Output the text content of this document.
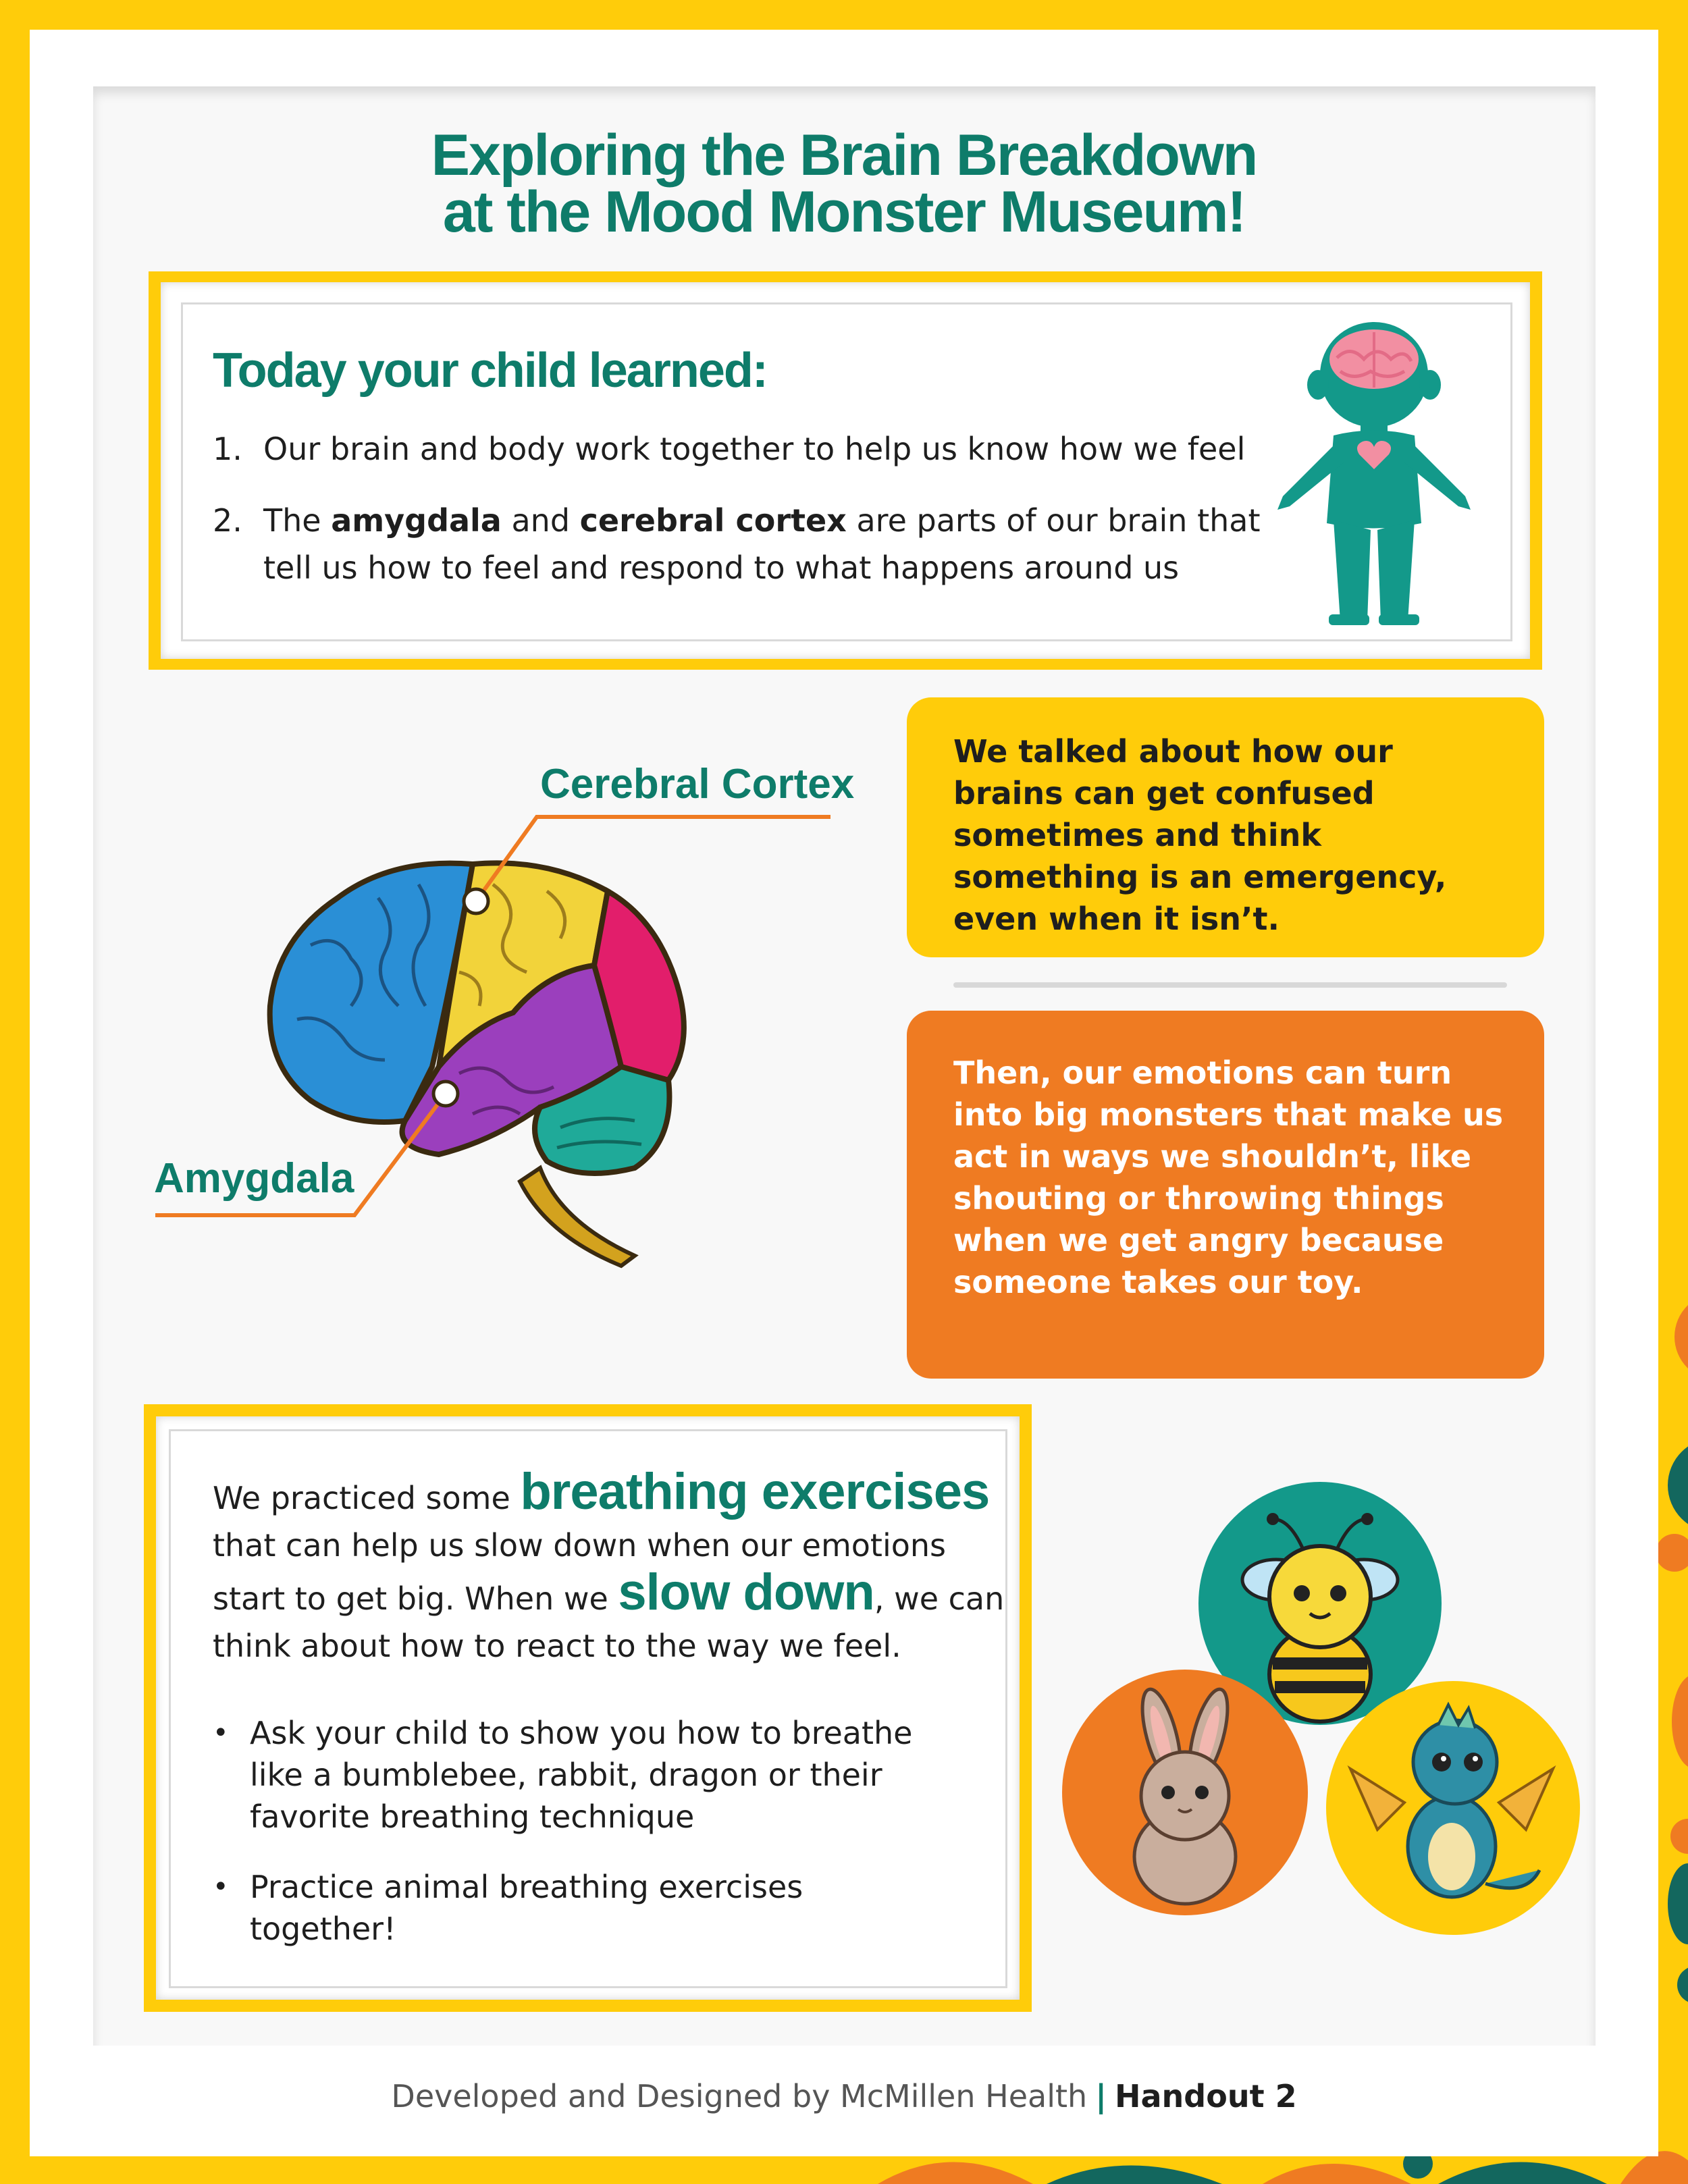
Exploring the Brain Breakdown
at the Mood Monster Museum!
Today your child learned:
1. Our brain and body work together to help us know how we feel
2. The amygdala and cerebral cortex are parts of our brain that tell us how to feel and respond to what happens around us
Cerebral Cortex
Amygdala
We talked about how our brains can get confused sometimes and think something is an emergency, even when it isn’t.
Then, our emotions can turn into big monsters that make us act in ways we shouldn’t, like shouting or throwing things when we get angry because someone takes our toy.
We practiced some breathing exercises that can help us slow down when our emotions start to get big. When we slow down, we can think about how to react to the way we feel.
• Ask your child to show you how to breathe like a bumblebee, rabbit, dragon or their favorite breathing technique
• Practice animal breathing exercises together!
Developed and Designed by McMillen Health | Handout 2
